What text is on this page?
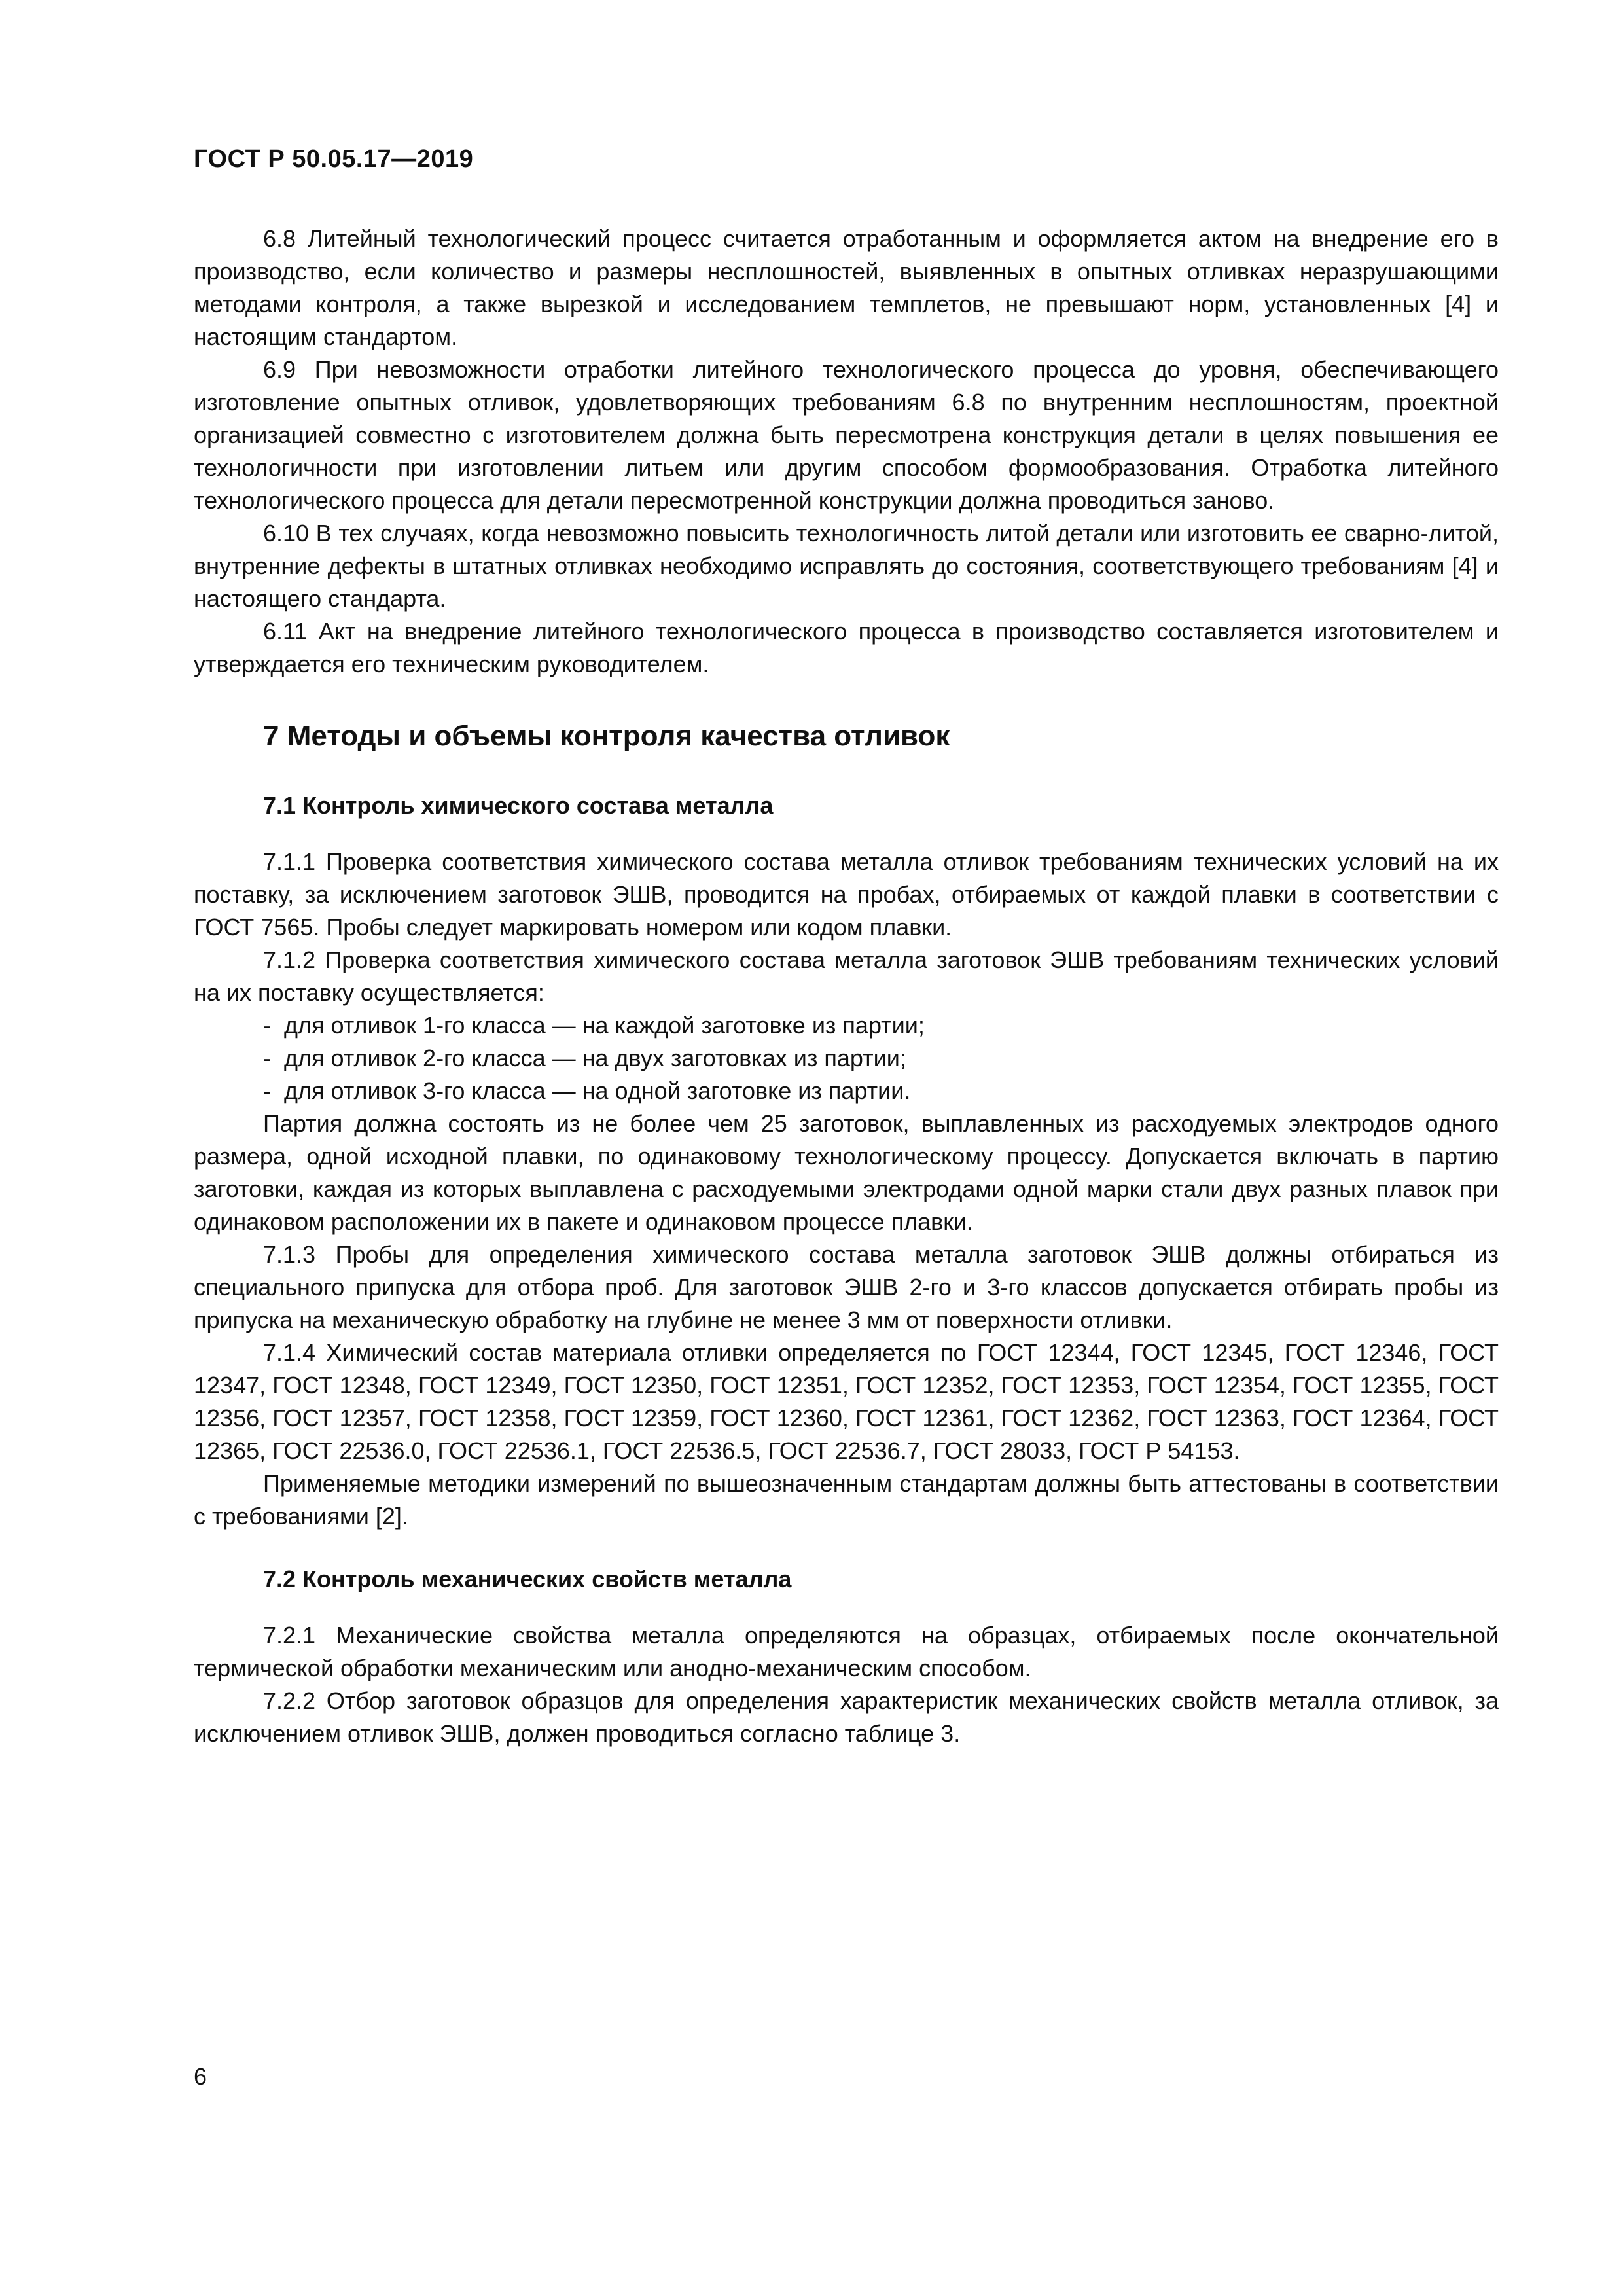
ГОСТ Р 50.05.17—2019

6.8 Литейный технологический процесс считается отработанным и оформляется актом на внедрение его в производство, если количество и размеры несплошностей, выявленных в опытных отливках неразрушающими методами контроля, а также вырезкой и исследованием темплетов, не превышают норм, установленных [4] и настоящим стандартом.

6.9 При невозможности отработки литейного технологического процесса до уровня, обеспечивающего изготовление опытных отливок, удовлетворяющих требованиям 6.8 по внутренним несплошностям, проектной организацией совместно с изготовителем должна быть пересмотрена конструкция детали в целях повышения ее технологичности при изготовлении литьем или другим способом формообразования. Отработка литейного технологического процесса для детали пересмотренной конструкции должна проводиться заново.

6.10 В тех случаях, когда невозможно повысить технологичность литой детали или изготовить ее сварно-литой, внутренние дефекты в штатных отливках необходимо исправлять до состояния, соответствующего требованиям [4] и настоящего стандарта.

6.11 Акт на внедрение литейного технологического процесса в производство составляется изготовителем и утверждается его техническим руководителем.

7 Методы и объемы контроля качества отливок
7.1 Контроль химического состава металла

7.1.1 Проверка соответствия химического состава металла отливок требованиям технических условий на их поставку, за исключением заготовок ЭШВ, проводится на пробах, отбираемых от каждой плавки в соответствии с ГОСТ 7565. Пробы следует маркировать номером или кодом плавки.

7.1.2 Проверка соответствия химического состава металла заготовок ЭШВ требованиям технических условий на их поставку осуществляется:

- для отливок 1-го класса — на каждой заготовке из партии;
- для отливок 2-го класса — на двух заготовках из партии;
- для отливок 3-го класса — на одной заготовке из партии.

Партия должна состоять из не более чем 25 заготовок, выплавленных из расходуемых электродов одного размера, одной исходной плавки, по одинаковому технологическому процессу. Допускается включать в партию заготовки, каждая из которых выплавлена с расходуемыми электродами одной марки стали двух разных плавок при одинаковом расположении их в пакете и одинаковом процессе плавки.

7.1.3 Пробы для определения химического состава металла заготовок ЭШВ должны отбираться из специального припуска для отбора проб. Для заготовок ЭШВ 2-го и 3-го классов допускается отбирать пробы из припуска на механическую обработку на глубине не менее 3 мм от поверхности отливки.

7.1.4 Химический состав материала отливки определяется по ГОСТ 12344, ГОСТ 12345, ГОСТ 12346, ГОСТ 12347, ГОСТ 12348, ГОСТ 12349, ГОСТ 12350, ГОСТ 12351, ГОСТ 12352, ГОСТ 12353, ГОСТ 12354, ГОСТ 12355, ГОСТ 12356, ГОСТ 12357, ГОСТ 12358, ГОСТ 12359, ГОСТ 12360, ГОСТ 12361, ГОСТ 12362, ГОСТ 12363, ГОСТ 12364, ГОСТ 12365, ГОСТ 22536.0, ГОСТ 22536.1, ГОСТ 22536.5, ГОСТ 22536.7, ГОСТ 28033, ГОСТ Р 54153.

Применяемые методики измерений по вышеозначенным стандартам должны быть аттестованы в соответствии с требованиями [2].

7.2 Контроль механических свойств металла

7.2.1 Механические свойства металла определяются на образцах, отбираемых после окончательной термической обработки механическим или анодно-механическим способом.

7.2.2 Отбор заготовок образцов для определения характеристик механических свойств металла отливок, за исключением отливок ЭШВ, должен проводиться согласно таблице 3.

6
